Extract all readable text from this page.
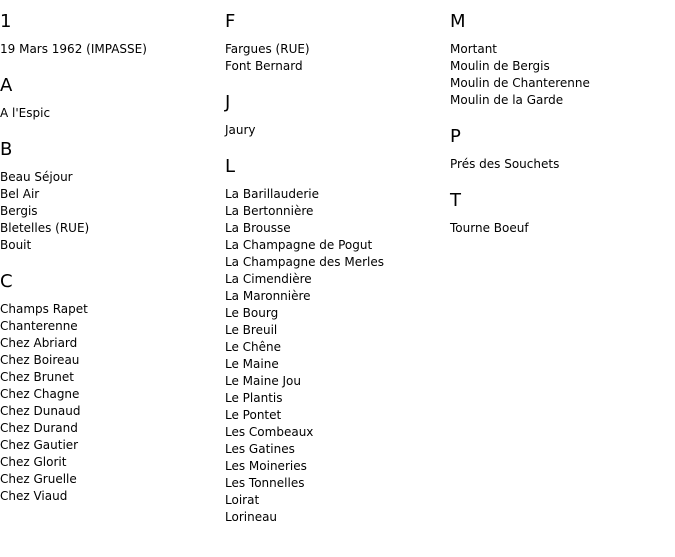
1
19 Mars 1962 (IMPASSE)
A
A l'Espic
B
Beau Séjour
Bel Air
Bergis
Bletelles (RUE)
Bouit
C
Champs Rapet
Chanterenne
Chez Abriard
Chez Boireau
Chez Brunet
Chez Chagne
Chez Dunaud
Chez Durand
Chez Gautier
Chez Glorit
Chez Gruelle
Chez Viaud
F
Fargues (RUE)
Font Bernard
J
Jaury
L
La Barillauderie
La Bertonnière
La Brousse
La Champagne de Pogut
La Champagne des Merles
La Cimendière
La Maronnière
Le Bourg
Le Breuil
Le Chêne
Le Maine
Le Maine Jou
Le Plantis
Le Pontet
Les Combeaux
Les Gatines
Les Moineries
Les Tonnelles
Loirat
Lorineau
M
Mortant
Moulin de Bergis
Moulin de Chanterenne
Moulin de la Garde
P
Prés des Souchets
T
Tourne Boeuf
